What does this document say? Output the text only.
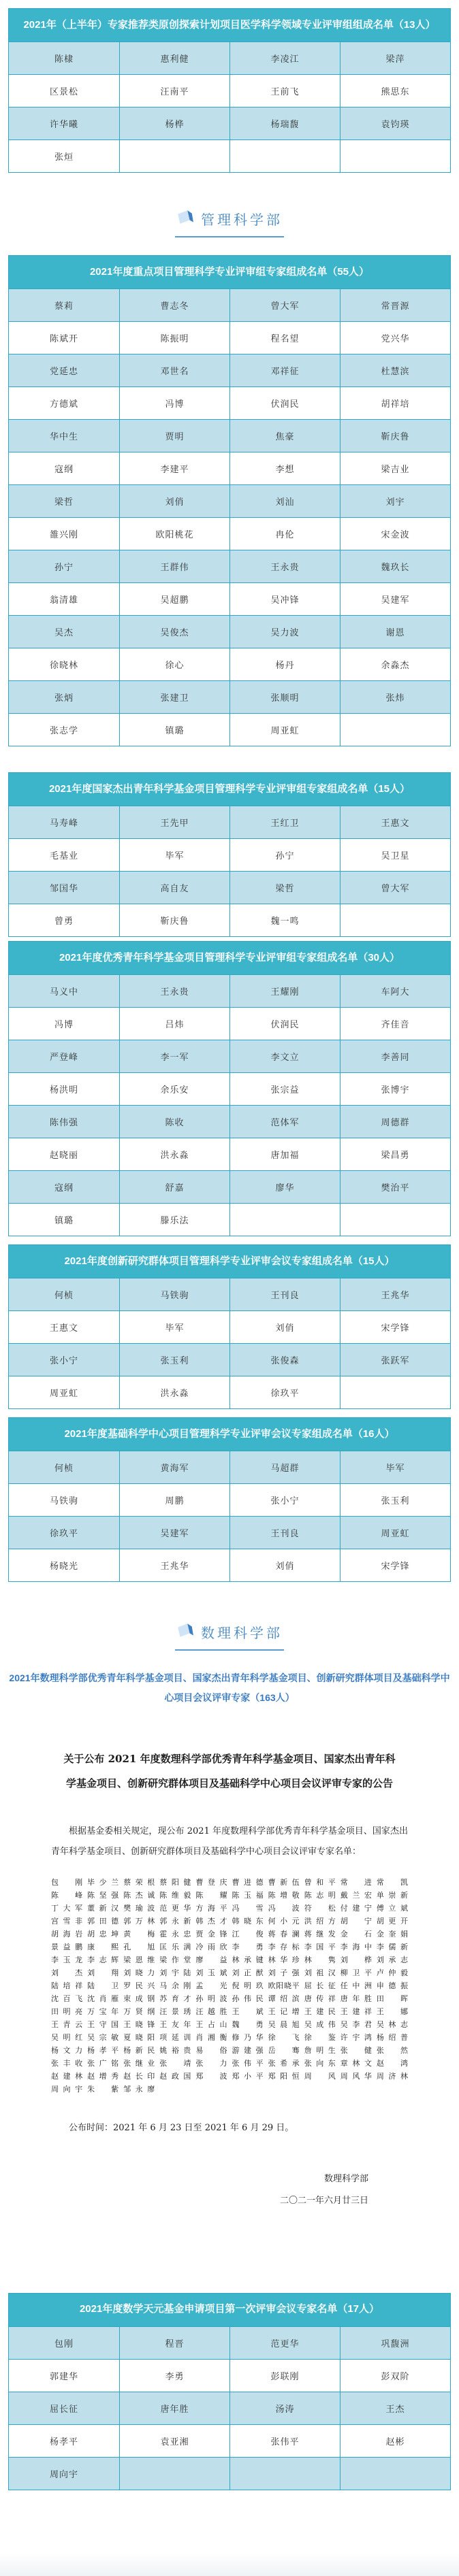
2021年（上半年）专家推荐类原创探索计划项目医学科学领域专业评审组组成名单（13人）
陈棣	惠利健	李凌江	梁萍
区景松	汪南平	王前飞	熊思东
许华曦	杨桦	杨瑞馥	袁钧瑛
张烜
管理科学部
2021年度重点项目管理科学专业评审组专家组成名单（55人）
蔡莉	曹志冬	曾大军	常晋源
陈斌开	陈振明	程名望	党兴华
党延忠	邓世名	邓祥征	杜慧滨
方德斌	冯博	伏润民	胡祥培
华中生	贾明	焦豪	靳庆鲁
寇纲	李建平	李想	梁吉业
梁哲	刘俏	刘汕	刘宇
雒兴刚	欧阳桃花	冉伦	宋金波
孙宁	王群伟	王永贵	魏玖长
翁清雄	吴超鹏	吴冲锋	吴建军
吴杰	吴俊杰	吴力波	谢恩
徐晓林	徐心	杨丹	余淼杰
张炳	张建卫	张顺明	张炜
张志学	镇璐	周亚虹
2021年度国家杰出青年科学基金项目管理科学专业评审组专家组成名单（15人）
马寿峰	王先甲	王红卫	王惠文
毛基业	毕军	孙宁	吴卫星
邹国华	高自友	梁哲	曾大军
曾勇	靳庆鲁	魏一鸣
2021年度优秀青年科学基金项目管理科学专业评审组专家组成名单（30人）
马义中	王永贵	王耀刚	车阿大
冯博	吕炜	伏润民	齐佳音
严登峰	李一军	李文立	李善同
杨洪明	余乐安	张宗益	张博宇
陈伟强	陈收	范体军	周德群
赵晓丽	洪永淼	唐加福	梁昌勇
寇纲	舒嘉	廖华	樊治平
镇璐	滕乐法
2021年度创新研究群体项目管理科学专业评审会议专家组成名单（15人）
何桢	马铁驹	王刊良	王兆华
王惠文	毕军	刘俏	宋学锋
张小宁	张玉利	张俊森	张跃军
周亚虹	洪永淼	徐玖平
2021年度基础科学中心项目管理科学专业评审会议专家组成名单（16人）
何桢	黄海军	马超群	毕军
马铁驹	周鹏	张小宁	张玉利
徐玖平	吴建军	王刊良	周亚虹
杨晓光	王兆华	刘俏	宋学锋
数理科学部
2021年数理科学部优秀青年科学基金项目、国家杰出青年科学基金项目、创新研究群体项目及基础科学中心项目会议评审专家（163人）
关于公布 2021 年度数理科学部优秀青年科学基金项目、国家杰出青年科学基金项目、创新研究群体项目及基础科学中心项目会议评审专家的公告

根据基金委相关规定，现公布 2021 年度数理科学部优秀青年科学基金项目、国家杰出青年科学基金项目、创新研究群体项目及基础科学中心项目会议评审专家名单：

包刚 毕少兰 蔡荣根 蔡阳健 曹登庆 曹进德 曹新伍 曾和平 常进 常凯
陈峰 陈坚强 陈杰诚 陈维毅 陈耀 陈玉福 陈增敬 陈志明 戴兰宏 单崇新
丁大军 董新汉 樊瑜波 范更华 方海平 冯雪 冯波 符松 付建宁 傅立斌
宫雪非 郭田德 郭万林 郭永新 韩杰才 韩晓东 何小元 洪绍方 胡宁 胡更开
胡海岩 胡忠坤 黄梅 霍永忠 贾金锋 江俊 蒋春澜 蒋继发 金石 金奎娟
景益鹏 康熙 孔旭 匡乐满 冷雨欣 李勇 李存标 李国平 李海中 李儒新
李玉龙 李志辉 梁恩维 梁作堂 廖益 林承键 林华珍 林隽 刘桦 刘承志
刘杰 刘翔 刘晓力 刘宇陆 刘玉斌 刘正猷 刘子强 刘祖汉 柳卫平 卢仲毅
陆培祥 陆卫 罗民兴 马余刚 孟光 倪明玖 欧阳晓平 屈长征 任中洲 申德振
沈百飞 沈肖雁 束成钢 苏育才 孙明波 孙伟民 谭绍滨 唐传祥 唐年胜 田晖
田明亮 万宝年 万贤纲 汪景琇 汪越胜 王斌 王记增 王建民 王建祥 王娜
王青云 王守国 王晓锋 王友年 王占山 魏勇 吴晨旭 吴成伟 吴李君 吴林志
吴明红 吴宗敏 夏晓阳 项延训 肖湘衡 修乃华 徐飞 徐鉴 许宇鸿 杨绍普
杨文力 杨孝平 杨新民 姚裕贵 易俗 游建强 岳骞 詹明生 张健 张然
张丰收 张广铭 张继业 张靖 张力 张伟平 张希承 张向东 章林文 赵鸿
赵建林 赵增秀 赵长印 赵政国 郑波 郑小平 郑阳恒 周风 周风华 周济林
周向宇 朱紫 邹永廖

公布时间：2021 年 6 月 23 日至 2021 年 6 月 29 日。

数理科学部
二〇二一年六月廿三日
2021年度数学天元基金申请项目第一次评审会议专家名单（17人）
包刚	程晋	范更华	巩馥洲
郭建华	李勇	彭联刚	彭双阶
屈长征	唐年胜	汤涛	王杰
杨孝平	袁亚湘	张伟平	赵彬
周向宇
